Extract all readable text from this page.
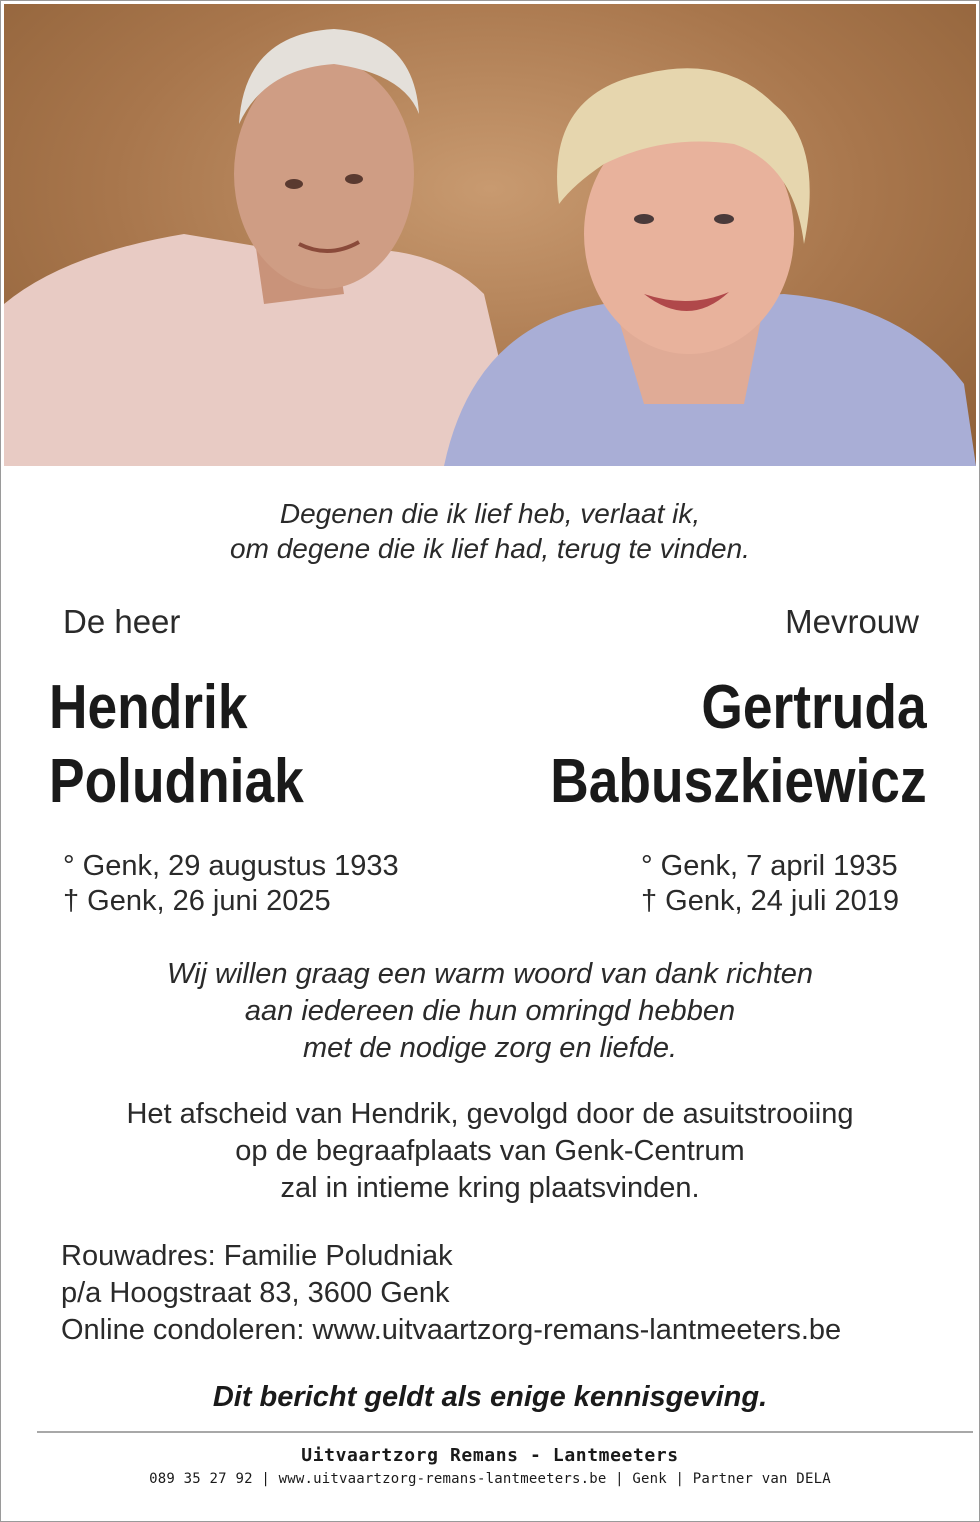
Degenen die ik lief heb, verlaat ik,
om degene die ik lief had, terug te vinden.
De heer	Mevrouw
Hendrik
Poludniak
Gertruda
Babuszkiewicz
° Genk, 29 augustus 1933
† Genk, 26 juni 2025
° Genk, 7 april 1935
† Genk, 24 juli 2019
Wij willen graag een warm woord van dank richten
aan iedereen die hun omringd hebben
met de nodige zorg en liefde.
Het afscheid van Hendrik, gevolgd door de asuitstrooiing
op de begraafplaats van Genk-Centrum
zal in intieme kring plaatsvinden.
Rouwadres: Familie Poludniak
p/a Hoogstraat 83, 3600 Genk
Online condoleren: www.uitvaartzorg-remans-lantmeeters.be
Dit bericht geldt als enige kennisgeving.
Uitvaartzorg Remans - Lantmeeters
089 35 27 92 | www.uitvaartzorg-remans-lantmeeters.be | Genk | Partner van DELA
